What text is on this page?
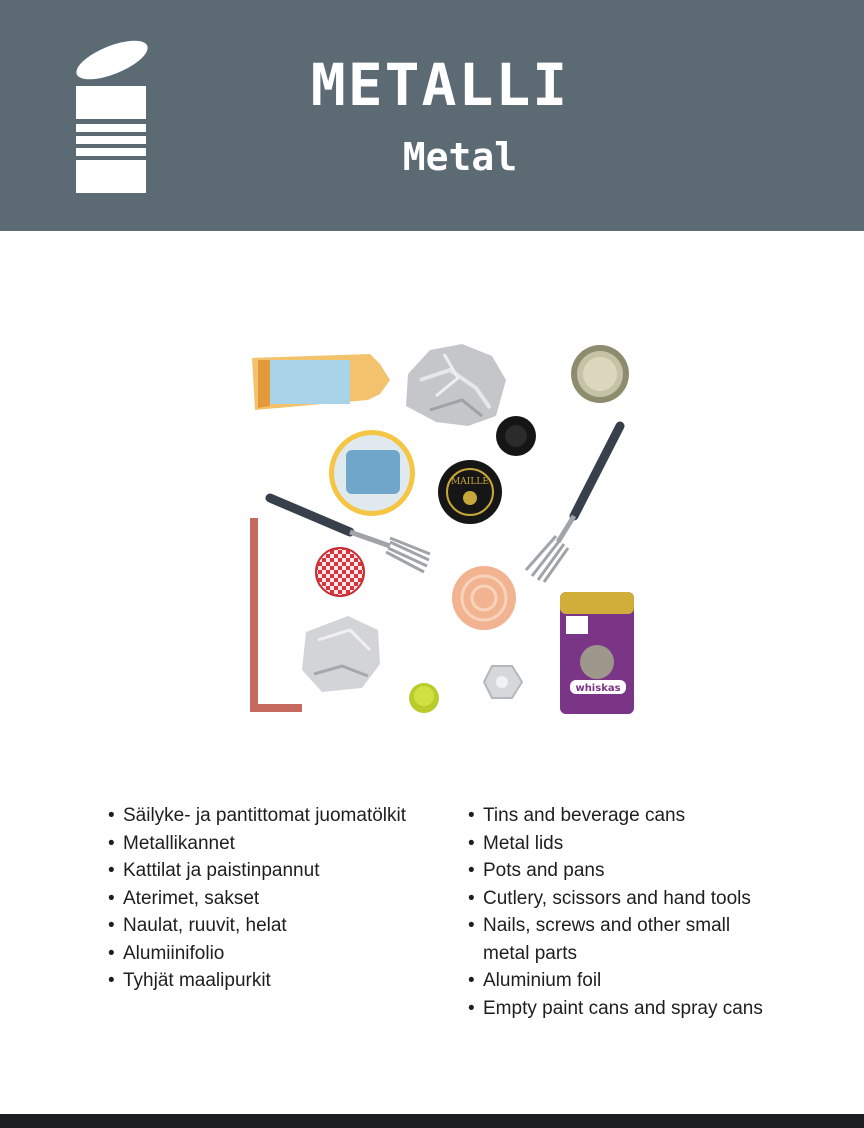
METALLI
Metal
MAILLE
whiskas
• Säilyke- ja pantittomat juomatölkit
• Metallikannet
• Kattilat ja paistinpannut
• Aterimet, sakset
• Naulat, ruuvit, helat
• Alumiinifolio
• Tyhjät maalipurkit
• Tins and beverage cans
• Metal lids
• Pots and pans
• Cutlery, scissors and hand tools
• Nails, screws and other small
metal parts
• Aluminium foil
• Empty paint cans and spray cans
